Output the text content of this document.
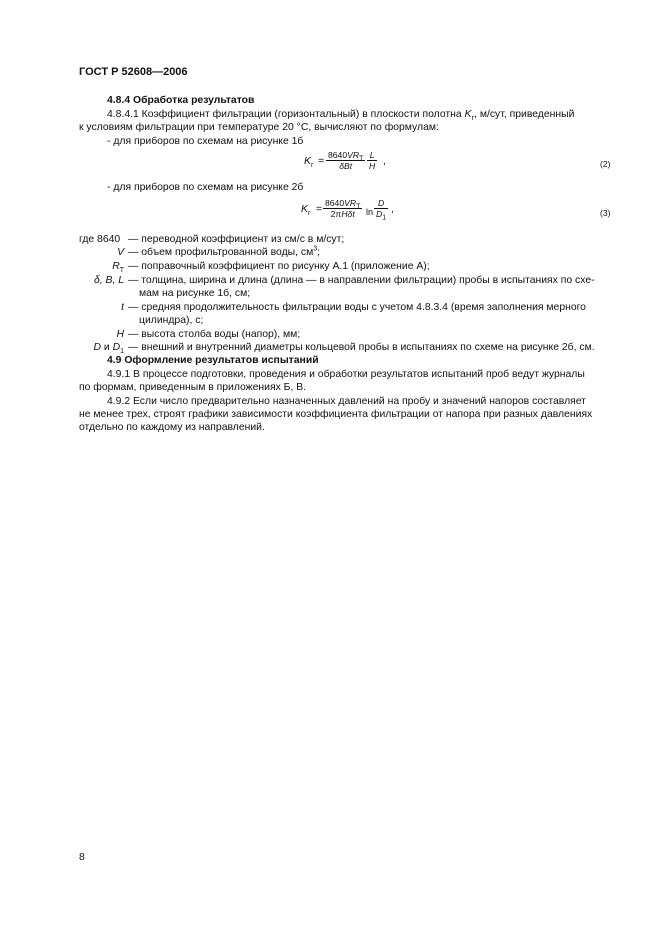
ГОСТ Р 52608—2006
4.8.4 Обработка результатов
4.8.4.1 Коэффициент фильтрации (горизонтальный) в плоскости полотна $K_г$, м/сут, приведенный
к условиям фильтрации при температуре 20 °С, вычисляют по формулам:
- для приборов по схемам на рисунке 1б
$K_г$ =
$8640VR_T$
δBt	$\frac{L}{H}$ ,	(2)
- для приборов по схемам на рисунке 2б
$K_г$ =
$8640VR_T$
2πHδt	$\ln \frac{D}{D_1}$ ,	(3)
где 8640 — переводной коэффициент из см/с в м/сут;
V — объем профильтрованной воды, $см^3$;
$R_T$ — поправочный коэффициент по рисунку А.1 (приложение А);
δ, B, L — толщина, ширина и длина (длина — в направлении фильтрации) пробы в испытаниях по схе-
мам на рисунке 1б, см;
t — средняя продолжительность фильтрации воды с учетом 4.8.3.4 (время заполнения мерного
цилиндра), с;
H — высота столба воды (напор), мм;
D и $D_1$ — внешний и внутренний диаметры кольцевой пробы в испытаниях по схеме на рисунке 2б, см.
4.9 Оформление результатов испытаний
4.9.1 В процессе подготовки, проведения и обработки результатов испытаний проб ведут журналы
по формам, приведенным в приложениях Б, В.
4.9.2 Если число предварительно назначенных давлений на пробу и значений напоров составляет
не менее трех, строят графики зависимости коэффициента фильтрации от напора при разных давлениях
отдельно по каждому из направлений.
8
